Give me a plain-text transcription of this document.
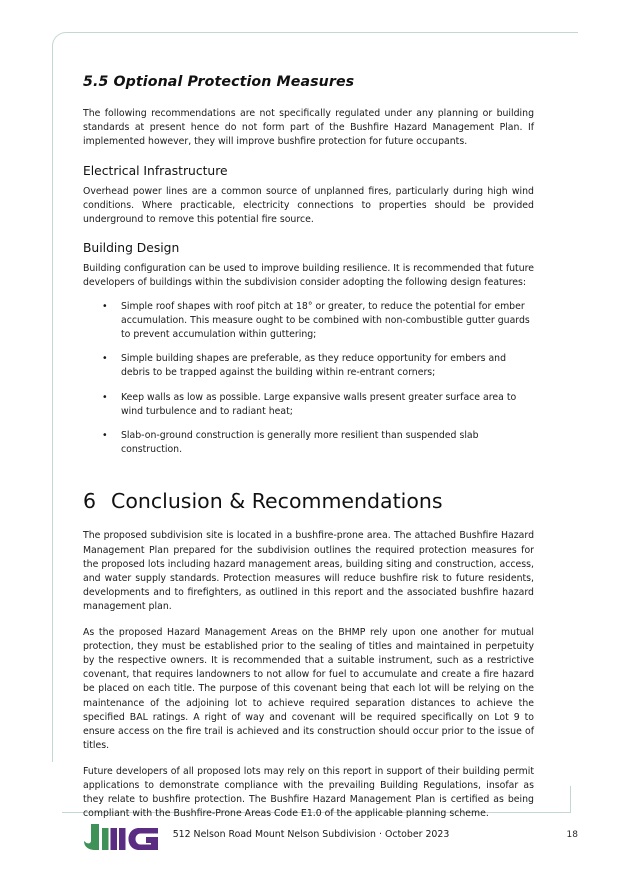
5.5 Optional Protection Measures

The following recommendations are not specifically regulated under any planning or building standards at present hence do not form part of the Bushfire Hazard Management Plan. If implemented however, they will improve bushfire protection for future occupants.

Electrical Infrastructure

Overhead power lines are a common source of unplanned fires, particularly during high wind conditions. Where practicable, electricity connections to properties should be provided underground to remove this potential fire source.

Building Design

Building configuration can be used to improve building resilience. It is recommended that future developers of buildings within the subdivision consider adopting the following design features:

• Simple roof shapes with roof pitch at 18° or greater, to reduce the potential for ember accumulation. This measure ought to be combined with non-combustible gutter guards to prevent accumulation within guttering;
• Simple building shapes are preferable, as they reduce opportunity for embers and debris to be trapped against the building within re-entrant corners;
• Keep walls as low as possible. Large expansive walls present greater surface area to wind turbulence and to radiant heat;
• Slab-on-ground construction is generally more resilient than suspended slab construction.
6 Conclusion & Recommendations

The proposed subdivision site is located in a bushfire-prone area. The attached Bushfire Hazard Management Plan prepared for the subdivision outlines the required protection measures for the proposed lots including hazard management areas, building siting and construction, access, and water supply standards. Protection measures will reduce bushfire risk to future residents, developments and to firefighters, as outlined in this report and the associated bushfire hazard management plan.

As the proposed Hazard Management Areas on the BHMP rely upon one another for mutual protection, they must be established prior to the sealing of titles and maintained in perpetuity by the respective owners. It is recommended that a suitable instrument, such as a restrictive covenant, that requires landowners to not allow for fuel to accumulate and create a fire hazard be placed on each title. The purpose of this covenant being that each lot will be relying on the maintenance of the adjoining lot to achieve required separation distances to achieve the specified BAL ratings. A right of way and covenant will be required specifically on Lot 9 to ensure access on the fire trail is achieved and its construction should occur prior to the issue of titles.

Future developers of all proposed lots may rely on this report in support of their building permit applications to demonstrate compliance with the prevailing Building Regulations, insofar as they relate to bushfire protection. The Bushfire Hazard Management Plan is certified as being compliant with the Bushfire-Prone Areas Code E1.0 of the applicable planning scheme.

512 Nelson Road Mount Nelson Subdivision · October 2023	18
